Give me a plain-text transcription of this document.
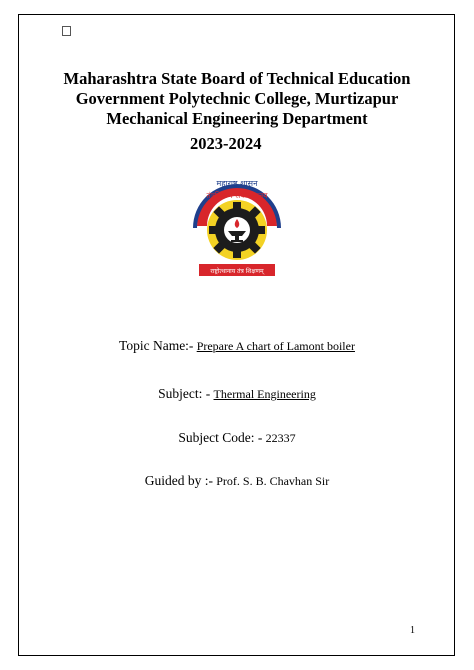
Maharashtra State Board of Technical Education
Government Polytechnic College, Murtizapur
Mechanical Engineering Department
2023-2024
महाराष्ट्र शासन
तंत्रशिक्षण संचालनालय
राष्ट्रोत्थानाय तंत्र शिक्षणम्
Topic Name:- Prepare A chart of Lamont boiler
Subject: - Thermal Engineering
Subject Code: - 22337
Guided by :- Prof. S. B. Chavhan Sir
1
